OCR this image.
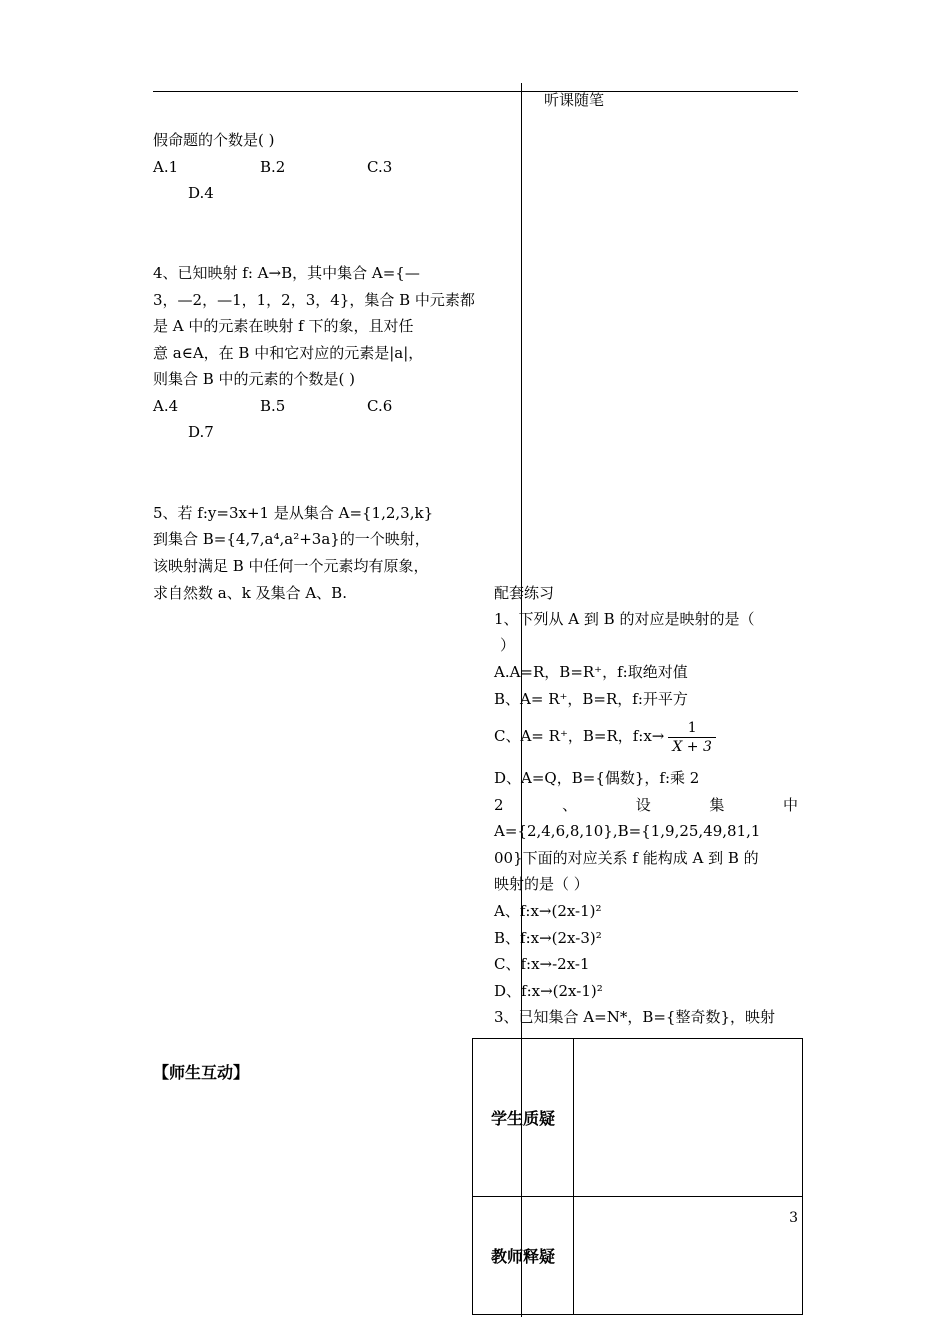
听课随笔
假命题的个数是( )
A.1	B.2	C.3
D.4
4、已知映射 f: A→B，其中集合 A={—
3，—2，—1，1，2，3，4}，集合 B 中元素都
是 A 中的元素在映射 f 下的象，且对任
意 a∈A，在 B 中和它对应的元素是|a|，
则集合 B 中的元素的个数是( )
A.4	B.5	C.6
D.7
5、若 f:y=3x+1 是从集合 A={1,2,3,k}
到集合 B={4,7,a⁴,a²+3a}的一个映射，
该映射满足 B 中任何一个元素均有原象，
求自然数 a、k 及集合 A、B.
【师生互动】
配套练习
1、下列从 A 到 B 的对应是映射的是（
）
A.A=R，B=R⁺，f:取绝对值
B、A= R⁺，B=R，f:开平方
C、A= R⁺，B=R，f:x→ $\frac{1}{X + 3}$
D、A=Q，B={偶数}，f:乘 2
2	、	设	集	中
A={2,4,6,8,10},B={1,9,25,49,81,1
00}下面的对应关系 f 能构成 A 到 B 的
映射的是（ ）
A、f:x→(2x-1)²
B、f:x→(2x-3)²
C、f:x→-2x-1
D、f:x→(2x-1)²
3、已知集合 A=N*，B={整奇数}，映射
学生质疑	
教师释疑	3
